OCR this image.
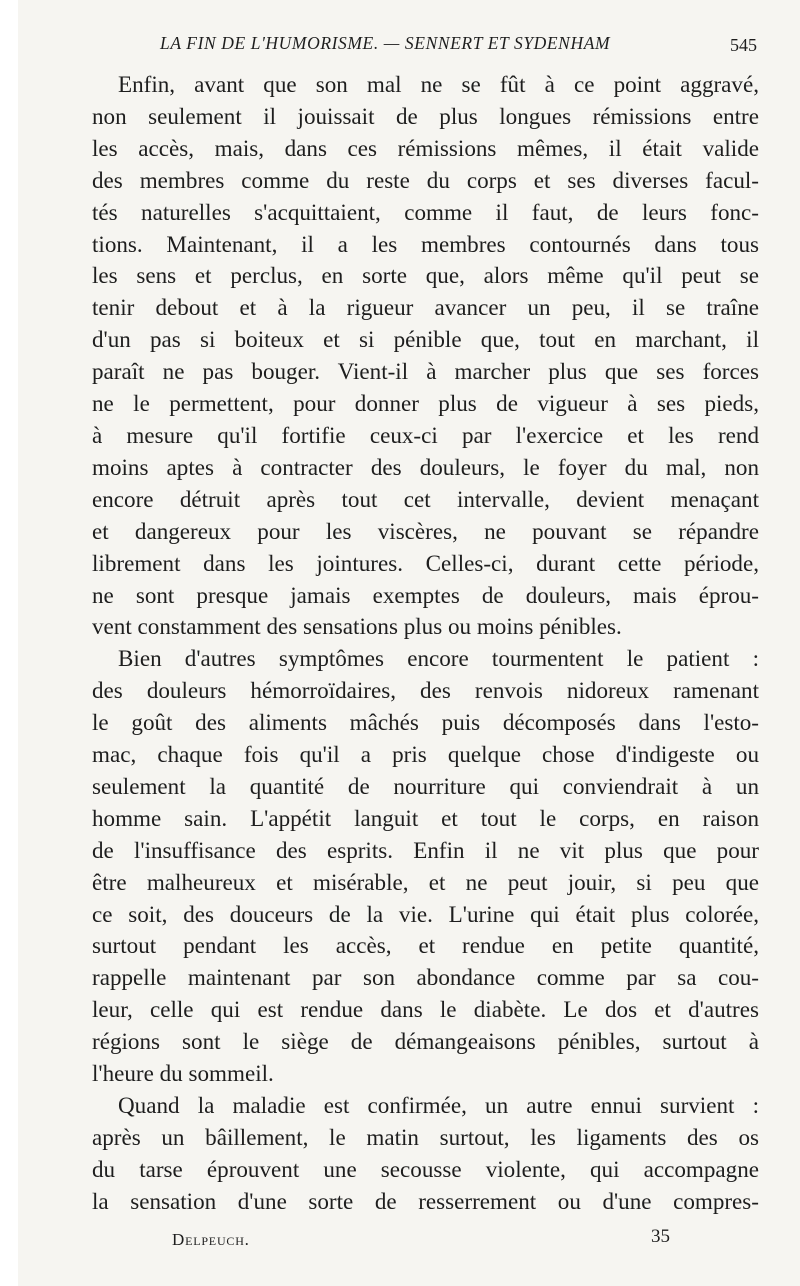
LA FIN DE L'HUMORISME. — SENNERT ET SYDENHAM	545

Enfin, avant que son mal ne se fût à ce point aggravé,
non seulement il jouissait de plus longues rémissions entre
les accès, mais, dans ces rémissions mêmes, il était valide
des membres comme du reste du corps et ses diverses facul-
tés naturelles s'acquittaient, comme il faut, de leurs fonc-
tions. Maintenant, il a les membres contournés dans tous
les sens et perclus, en sorte que, alors même qu'il peut se
tenir debout et à la rigueur avancer un peu, il se traîne
d'un pas si boiteux et si pénible que, tout en marchant, il
paraît ne pas bouger. Vient-il à marcher plus que ses forces
ne le permettent, pour donner plus de vigueur à ses pieds,
à mesure qu'il fortifie ceux-ci par l'exercice et les rend
moins aptes à contracter des douleurs, le foyer du mal, non
encore détruit après tout cet intervalle, devient menaçant
et dangereux pour les viscères, ne pouvant se répandre
librement dans les jointures. Celles-ci, durant cette période,
ne sont presque jamais exemptes de douleurs, mais éprou-
vent constamment des sensations plus ou moins pénibles.

Bien d'autres symptômes encore tourmentent le patient :
des douleurs hémorroïdaires, des renvois nidoreux ramenant
le goût des aliments mâchés puis décomposés dans l'esto-
mac, chaque fois qu'il a pris quelque chose d'indigeste ou
seulement la quantité de nourriture qui conviendrait à un
homme sain. L'appétit languit et tout le corps, en raison
de l'insuffisance des esprits. Enfin il ne vit plus que pour
être malheureux et misérable, et ne peut jouir, si peu que
ce soit, des douceurs de la vie. L'urine qui était plus colorée,
surtout pendant les accès, et rendue en petite quantité,
rappelle maintenant par son abondance comme par sa cou-
leur, celle qui est rendue dans le diabète. Le dos et d'autres
régions sont le siège de démangeaisons pénibles, surtout à
l'heure du sommeil.

Quand la maladie est confirmée, un autre ennui survient :
après un bâillement, le matin surtout, les ligaments des os
du tarse éprouvent une secousse violente, qui accompagne
la sensation d'une sorte de resserrement ou d'une compres-

Delpeuch.	35
